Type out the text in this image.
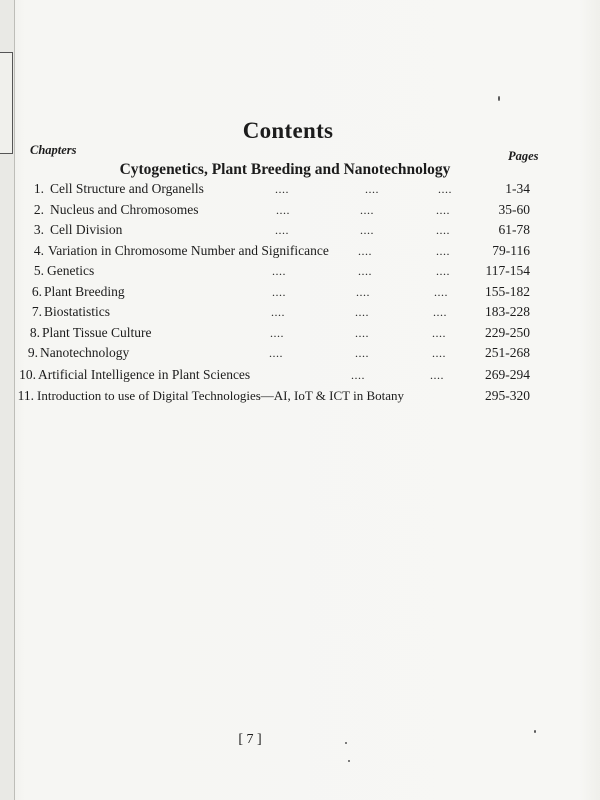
Contents
Chapters	Pages
Cytogenetics, Plant Breeding and Nanotechnology
1. Cell Structure and Organells	....	....	....	1-34
2. Nucleus and Chromosomes	....	....	....	35-60
3. Cell Division	....	....	....	61-78
4. Variation in Chromosome Number and Significance ....	....	79-116
5. Genetics	....	....	....	117-154
6. Plant Breeding	....	....	....	155-182
7. Biostatistics	....	....	....	183-228
8. Plant Tissue Culture	....	....	....	229-250
9. Nanotechnology	....	....	....	251-268
10. Artificial Intelligence in Plant Sciences	....	....	269-294
11. Introduction to use of Digital Technologies—AI, IoT & ICT in Botany	295-320
[ 7 ]
